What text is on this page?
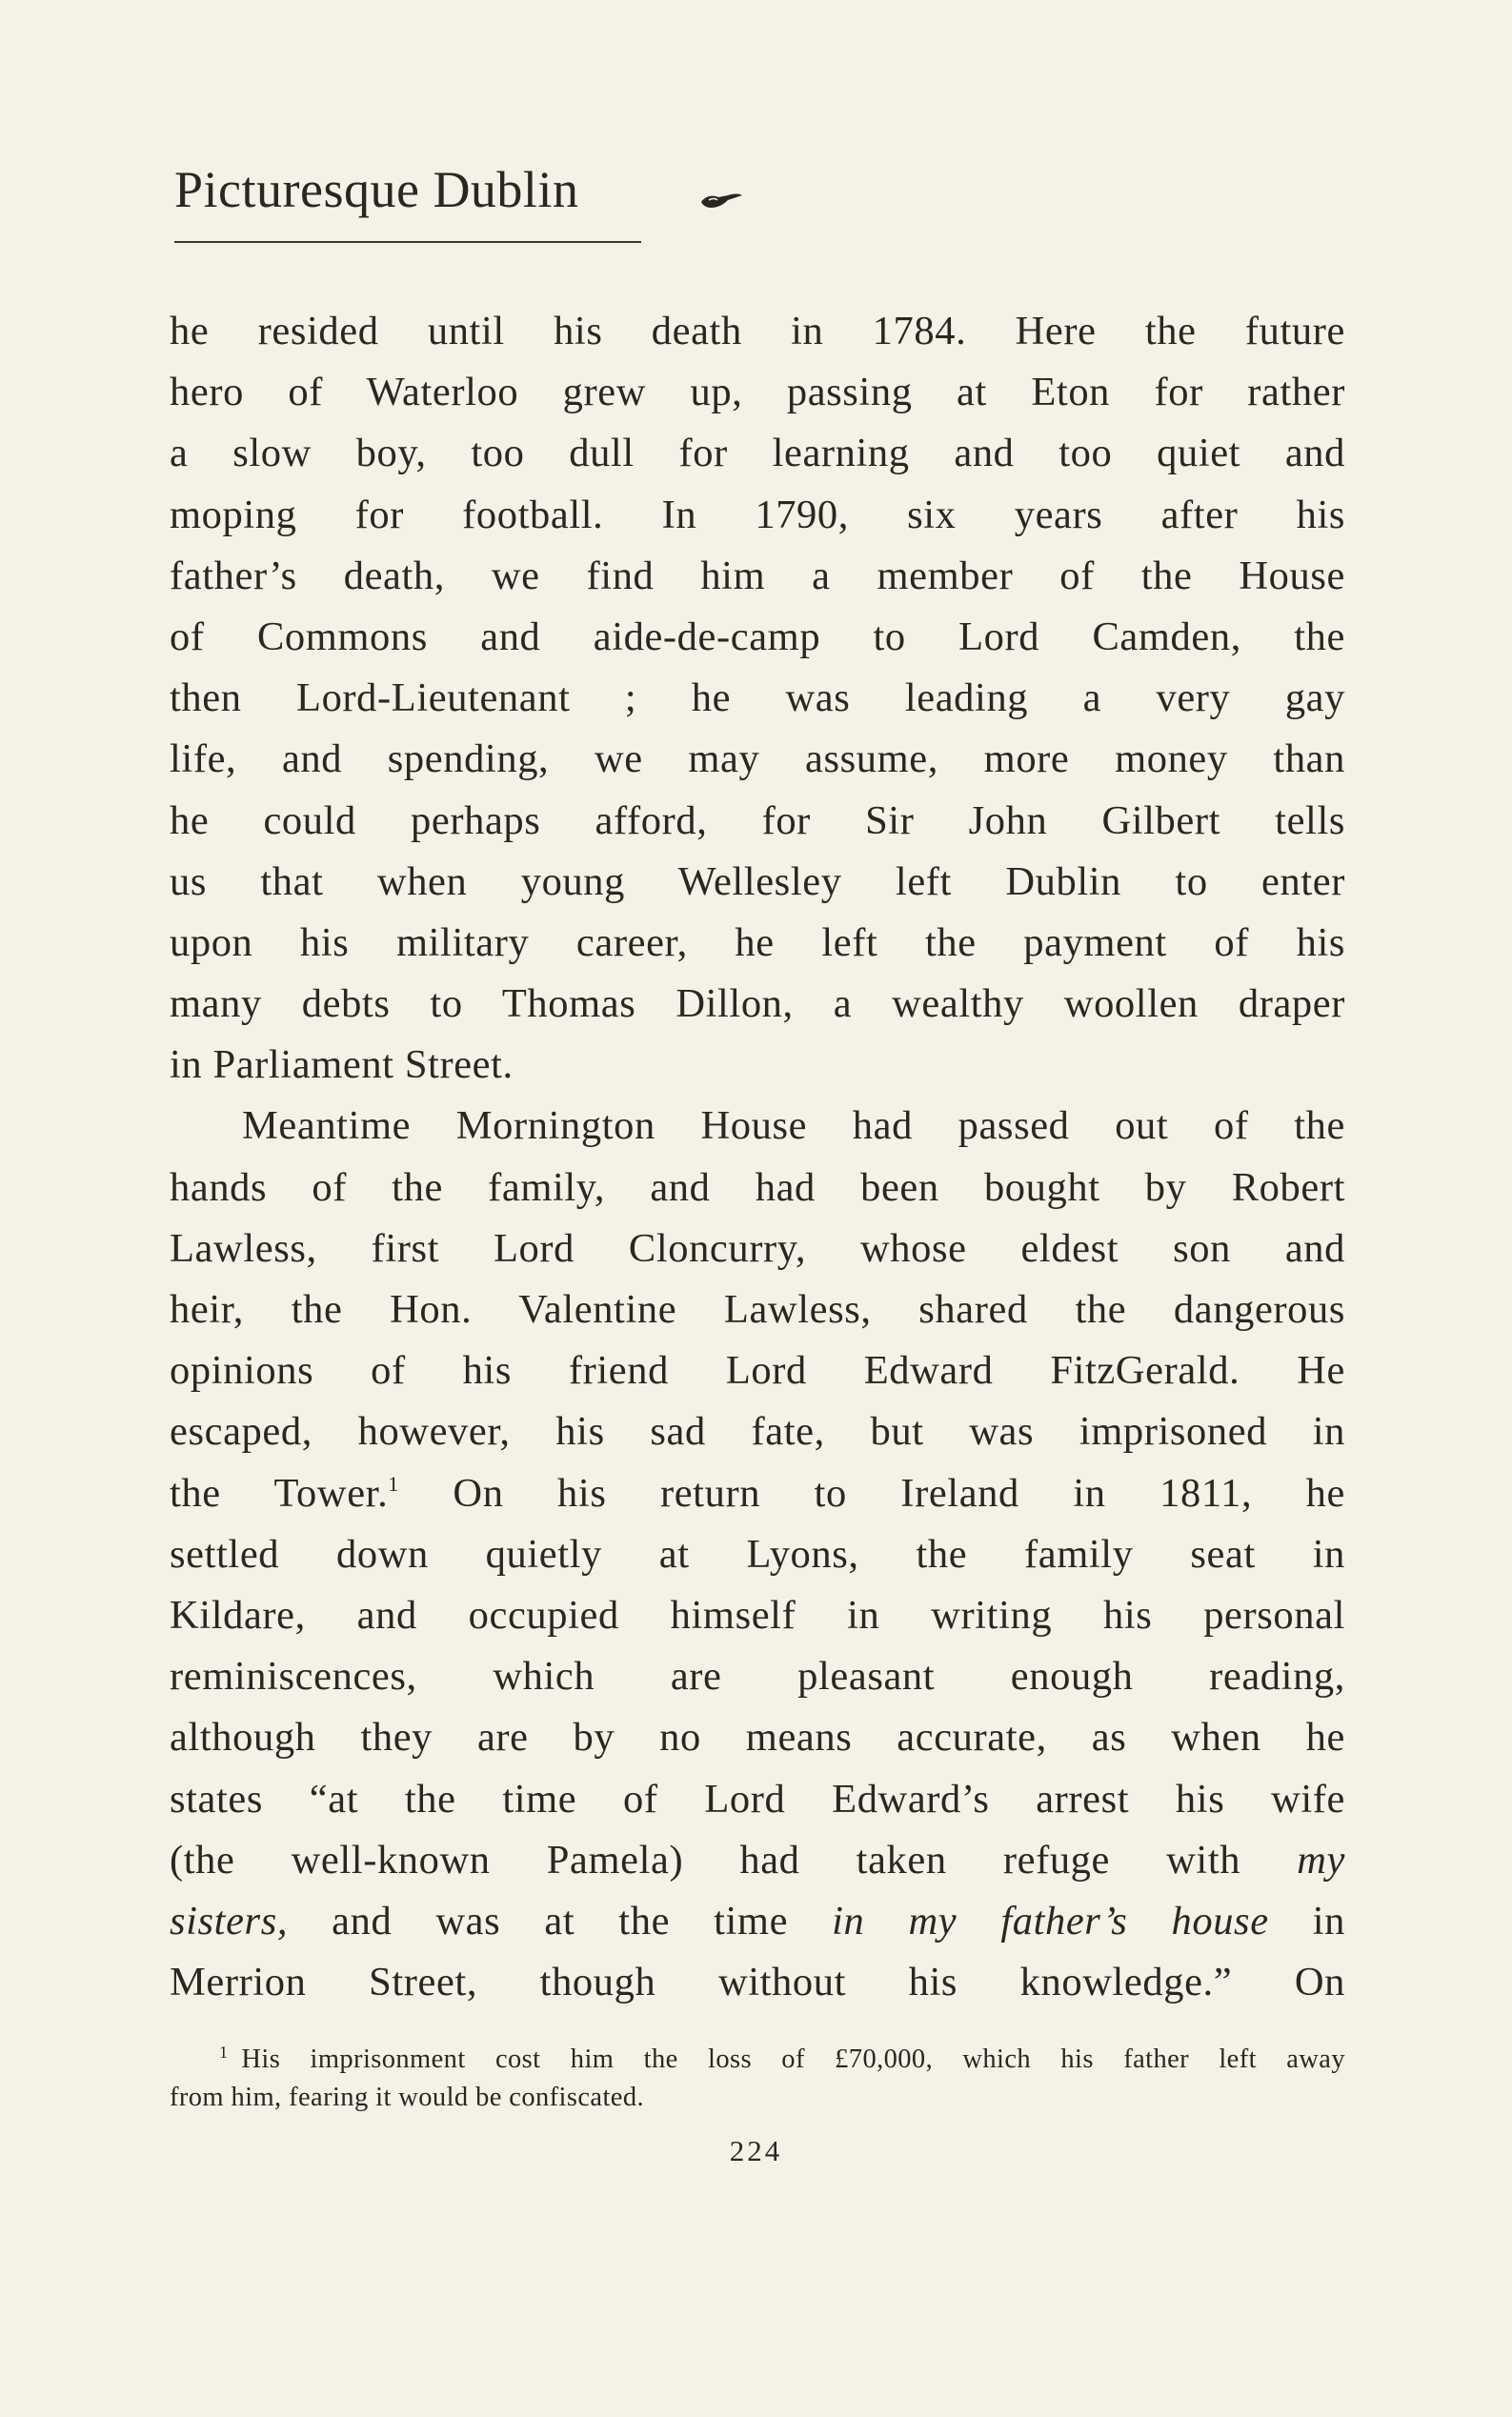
Picturesque Dublin
he resided until his death in 1784. Here the future
hero of Waterloo grew up, passing at Eton for rather
a slow boy, too dull for learning and too quiet and
moping for football. In 1790, six years after his
father’s death, we find him a member of the House
of Commons and aide-de-camp to Lord Camden, the
then Lord-Lieutenant ; he was leading a very gay
life, and spending, we may assume, more money than
he could perhaps afford, for Sir John Gilbert tells
us that when young Wellesley left Dublin to enter
upon his military career, he left the payment of his
many debts to Thomas Dillon, a wealthy woollen draper
in Parliament Street.
Meantime Mornington House had passed out of the
hands of the family, and had been bought by Robert
Lawless, first Lord Cloncurry, whose eldest son and
heir, the Hon. Valentine Lawless, shared the dangerous
opinions of his friend Lord Edward FitzGerald. He
escaped, however, his sad fate, but was imprisoned in
the Tower.$^1$ On his return to Ireland in 1811, he
settled down quietly at Lyons, the family seat in
Kildare, and occupied himself in writing his personal
reminiscences, which are pleasant enough reading,
although they are by no means accurate, as when he
states “at the time of Lord Edward’s arrest his wife
(the well-known Pamela) had taken refuge with my
sisters, and was at the time in my father’s house in
Merrion Street, though without his knowledge.” On
$^1$ His imprisonment cost him the loss of £70,000, which his father left away
from him, fearing it would be confiscated.
224
